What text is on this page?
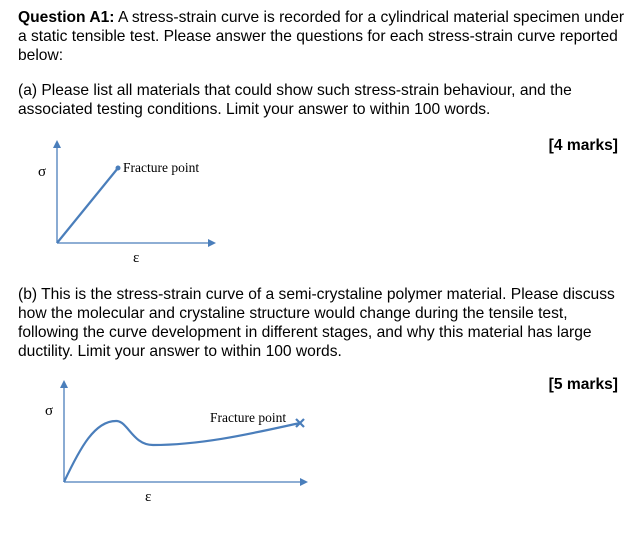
Question A1: A stress-strain curve is recorded for a cylindrical material specimen under a static tensible test. Please answer the questions for each stress-strain curve reported below:

(a) Please list all materials that could show such stress-strain behaviour, and the associated testing conditions. Limit your answer to within 100 words.

[4 marks]

(b) This is the stress-strain curve of a semi-crystaline polymer material. Please discuss how the molecular and crystaline structure would change during the tensile test, following the curve development in different stages, and why this material has large ductility. Limit your answer to within 100 words.

[5 marks]
σ
ε
Fracture point
σ
ε
Fracture point
